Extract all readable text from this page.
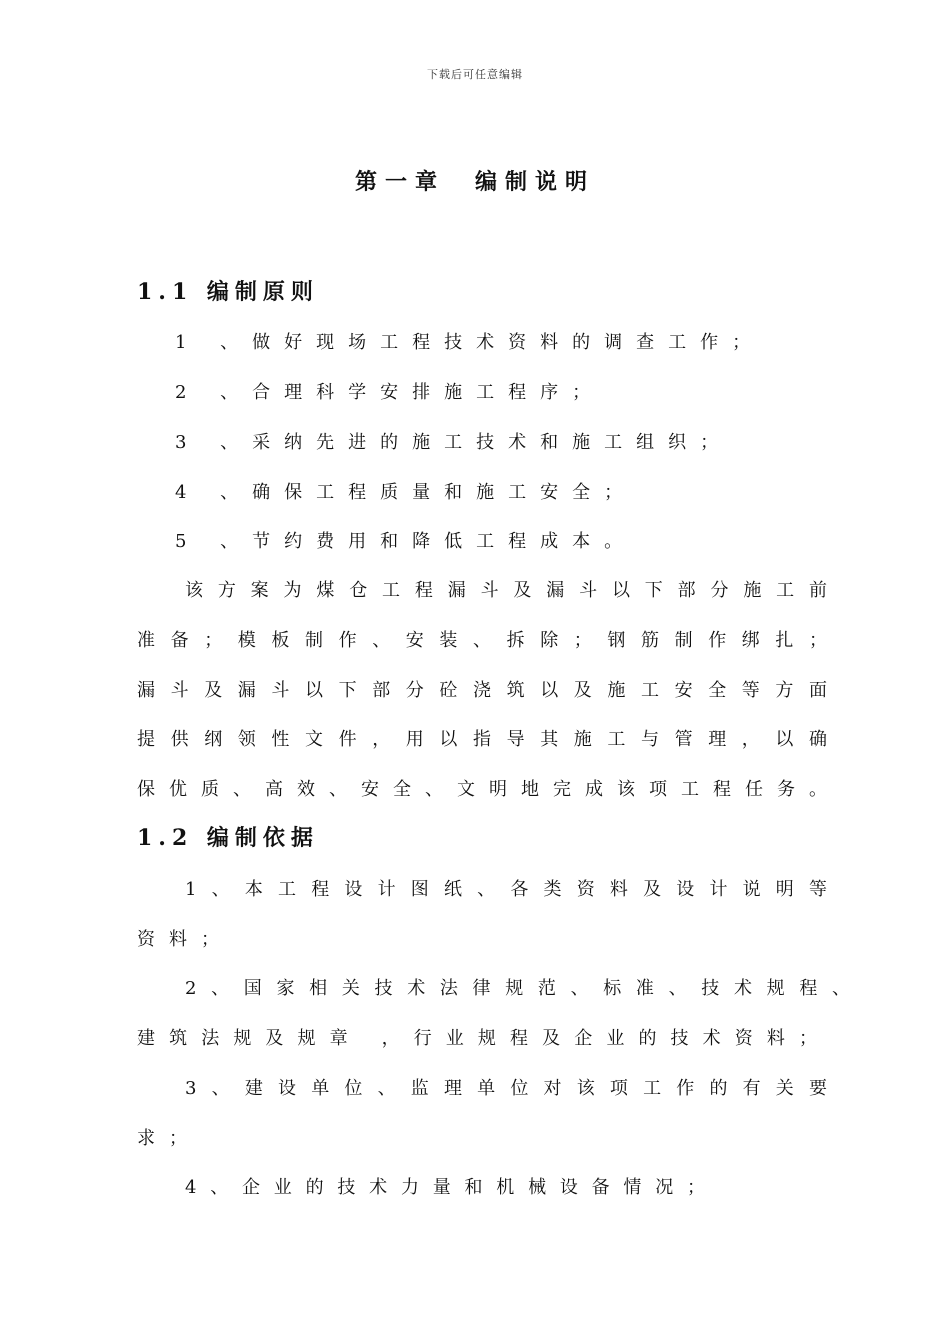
下载后可任意编辑
第一章　编制说明
1.1 编制原则
1 、做好现场工程技术资料的调查工作；
2 、合理科学安排施工程序；
3 、采纳先进的施工技术和施工组织；
4 、确保工程质量和施工安全；
5 、节约费用和降低工程成本。
该​方​案​为​煤​仓​工​程​漏​斗​及​漏​斗​以​下​部​分​施​工​前
准​备​；​模​板​制​作​、​安​装​、​拆​除​；​钢​筋​制​作​绑​扎​；
漏​斗​及​漏​斗​以​下​部​分​砼​浇​筑​以​及​施​工​安​全​等​方​面
提​供​纲​领​性​文​件​，​用​以​指​导​其​施​工​与​管​理​，​以​确
保​优​质​、​高​效​、​安​全​、​文​明​地​完​成​该​项​工​程​任​务​。
1.2 编制依据
1​、​本​工​程​设​计​图​纸​、​各​类​资​料​及​设​计​说​明​等
资料；
2​、​国​家​相​关​技​术​法​律​规​范​、​标​准​、​技​术​规​程​、
建​筑​法​规​及​规​章​ ​，​行​业​规​程​及​企​业​的​技​术​资​料​；
3​、​建​设​单​位​、​监​理​单​位​对​该​项​工​作​的​有​关​要
求；
4​、​企​业​的​技​术​力​量​和​机​械​设​备​情​况​；
